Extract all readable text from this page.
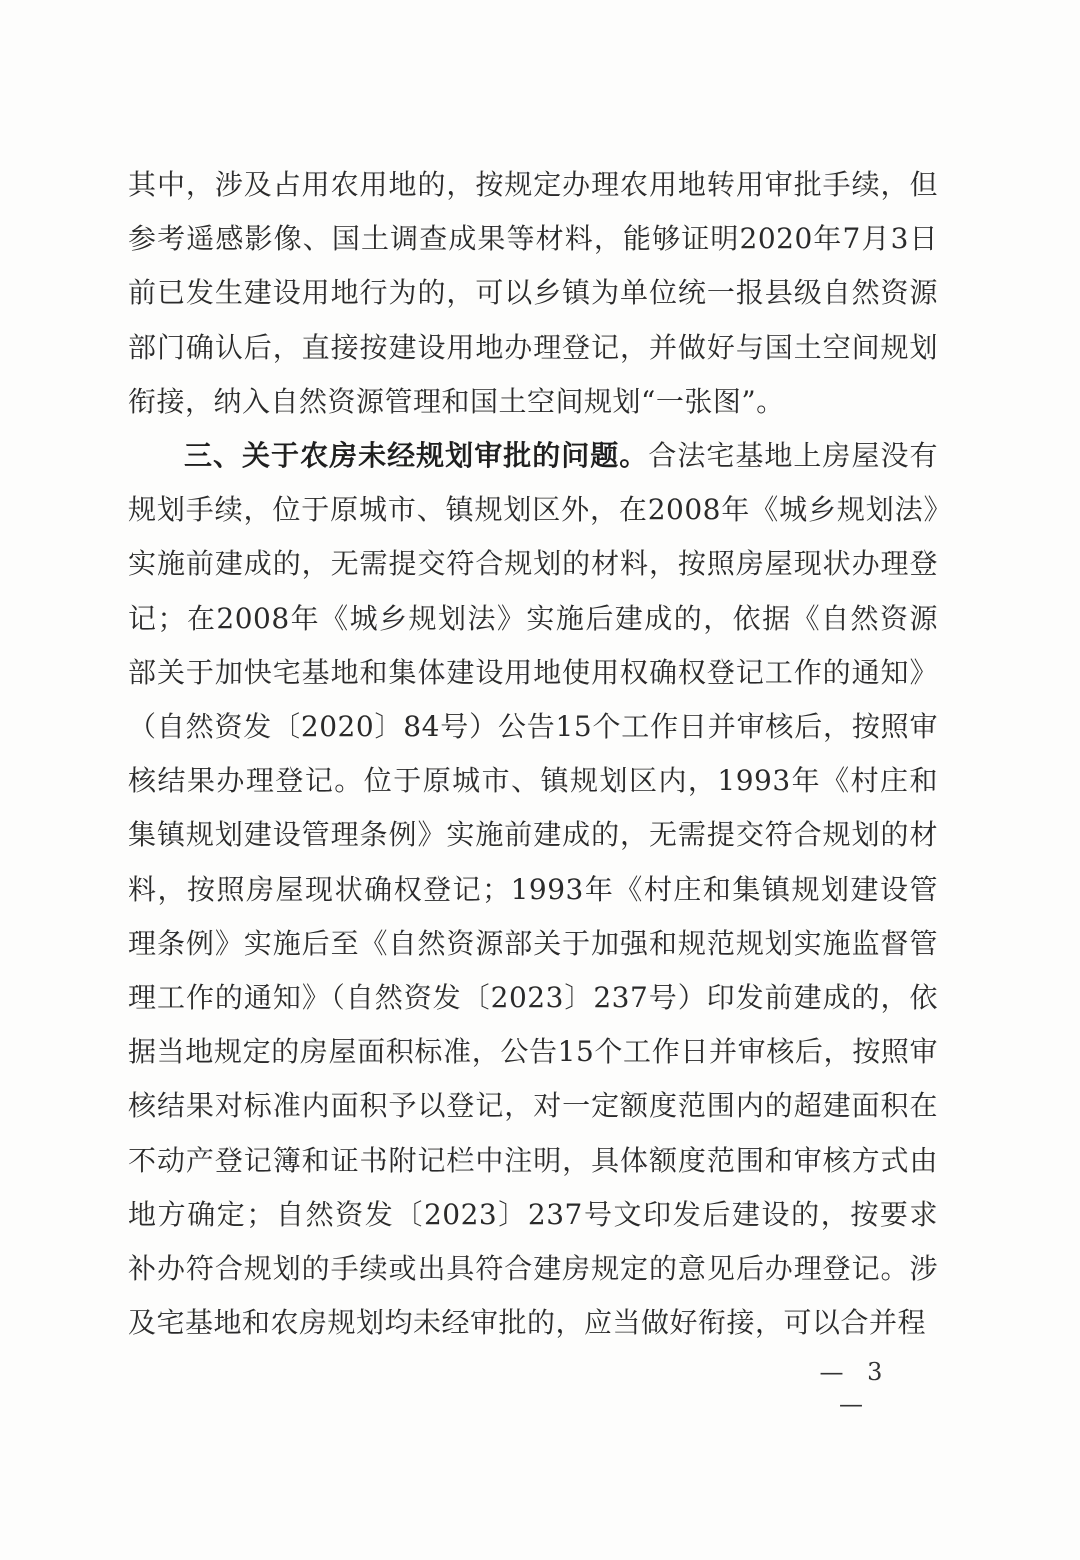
其中，涉及占用农用地的，按规定办理农用地转用审批手续，但参考遥感影像、国土调查成果等材料，能够证明2020年7月3日前已发生建设用地行为的，可以乡镇为单位统一报县级自然资源部门确认后，直接按建设用地办理登记，并做好与国土空间规划衔接，纳入自然资源管理和国土空间规划“一张图”。

三、关于农房未经规划审批的问题。合法宅基地上房屋没有规划手续，位于原城市、镇规划区外，在2008年《城乡规划法》实施前建成的，无需提交符合规划的材料，按照房屋现状办理登记；在2008年《城乡规划法》实施后建成的，依据《自然资源部关于加快宅基地和集体建设用地使用权确权登记工作的通知》（自然资发〔2020〕84号）公告15个工作日并审核后，按照审核结果办理登记。位于原城市、镇规划区内，1993年《村庄和集镇规划建设管理条例》实施前建成的，无需提交符合规划的材料，按照房屋现状确权登记；1993年《村庄和集镇规划建设管理条例》实施后至《自然资源部关于加强和规范规划实施监督管理工作的通知》（自然资发〔2023〕237号）印发前建成的，依据当地规定的房屋面积标准，公告15个工作日并审核后，按照审核结果对标准内面积予以登记，对一定额度范围内的超建面积在不动产登记簿和证书附记栏中注明，具体额度范围和审核方式由地方确定；自然资发〔2023〕237号文印发后建设的，按要求补办符合规划的手续或出具符合建房规定的意见后办理登记。涉及宅基地和农房规划均未经审批的，应当做好衔接，可以合并程

— 3 —
